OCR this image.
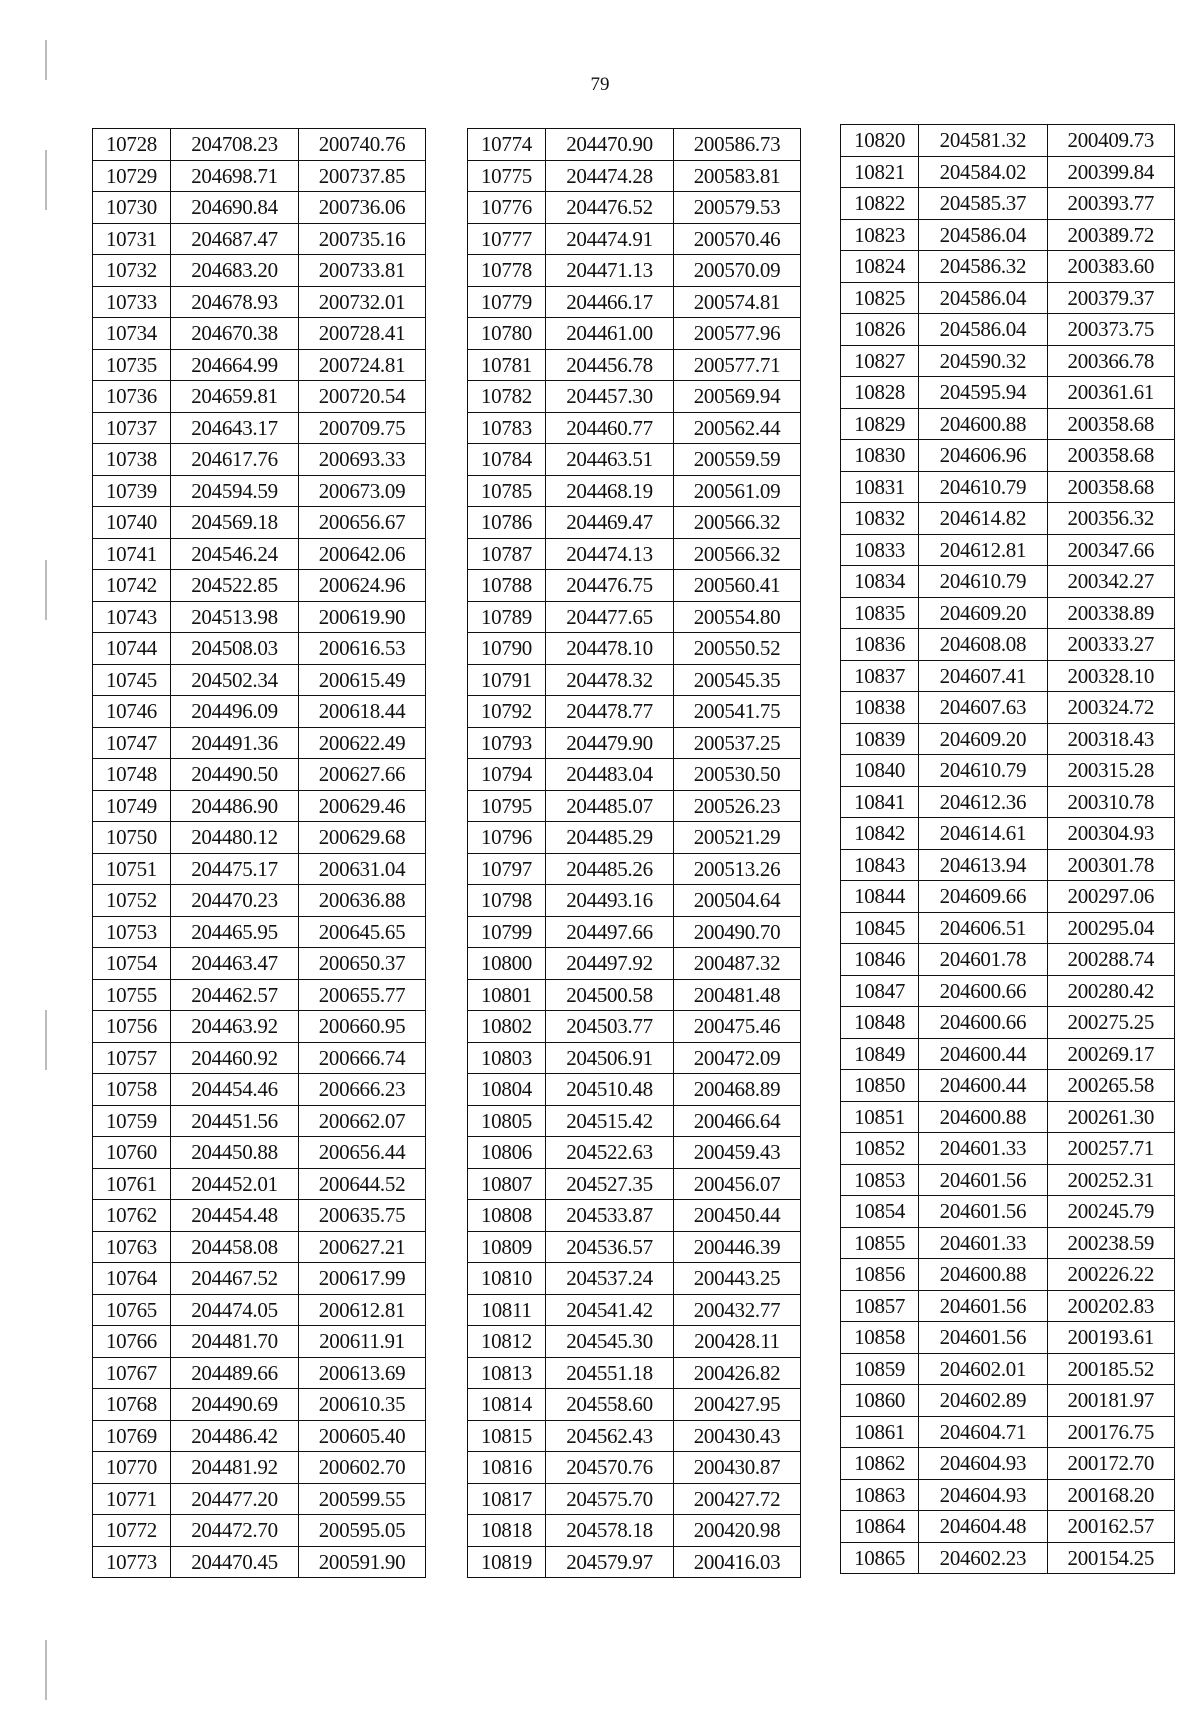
79
10728	204708.23	200740.76
10729	204698.71	200737.85
10730	204690.84	200736.06
10731	204687.47	200735.16
10732	204683.20	200733.81
10733	204678.93	200732.01
10734	204670.38	200728.41
10735	204664.99	200724.81
10736	204659.81	200720.54
10737	204643.17	200709.75
10738	204617.76	200693.33
10739	204594.59	200673.09
10740	204569.18	200656.67
10741	204546.24	200642.06
10742	204522.85	200624.96
10743	204513.98	200619.90
10744	204508.03	200616.53
10745	204502.34	200615.49
10746	204496.09	200618.44
10747	204491.36	200622.49
10748	204490.50	200627.66
10749	204486.90	200629.46
10750	204480.12	200629.68
10751	204475.17	200631.04
10752	204470.23	200636.88
10753	204465.95	200645.65
10754	204463.47	200650.37
10755	204462.57	200655.77
10756	204463.92	200660.95
10757	204460.92	200666.74
10758	204454.46	200666.23
10759	204451.56	200662.07
10760	204450.88	200656.44
10761	204452.01	200644.52
10762	204454.48	200635.75
10763	204458.08	200627.21
10764	204467.52	200617.99
10765	204474.05	200612.81
10766	204481.70	200611.91
10767	204489.66	200613.69
10768	204490.69	200610.35
10769	204486.42	200605.40
10770	204481.92	200602.70
10771	204477.20	200599.55
10772	204472.70	200595.05
10773	204470.45	200591.90
10774	204470.90	200586.73
10775	204474.28	200583.81
10776	204476.52	200579.53
10777	204474.91	200570.46
10778	204471.13	200570.09
10779	204466.17	200574.81
10780	204461.00	200577.96
10781	204456.78	200577.71
10782	204457.30	200569.94
10783	204460.77	200562.44
10784	204463.51	200559.59
10785	204468.19	200561.09
10786	204469.47	200566.32
10787	204474.13	200566.32
10788	204476.75	200560.41
10789	204477.65	200554.80
10790	204478.10	200550.52
10791	204478.32	200545.35
10792	204478.77	200541.75
10793	204479.90	200537.25
10794	204483.04	200530.50
10795	204485.07	200526.23
10796	204485.29	200521.29
10797	204485.26	200513.26
10798	204493.16	200504.64
10799	204497.66	200490.70
10800	204497.92	200487.32
10801	204500.58	200481.48
10802	204503.77	200475.46
10803	204506.91	200472.09
10804	204510.48	200468.89
10805	204515.42	200466.64
10806	204522.63	200459.43
10807	204527.35	200456.07
10808	204533.87	200450.44
10809	204536.57	200446.39
10810	204537.24	200443.25
10811	204541.42	200432.77
10812	204545.30	200428.11
10813	204551.18	200426.82
10814	204558.60	200427.95
10815	204562.43	200430.43
10816	204570.76	200430.87
10817	204575.70	200427.72
10818	204578.18	200420.98
10819	204579.97	200416.03
10820	204581.32	200409.73
10821	204584.02	200399.84
10822	204585.37	200393.77
10823	204586.04	200389.72
10824	204586.32	200383.60
10825	204586.04	200379.37
10826	204586.04	200373.75
10827	204590.32	200366.78
10828	204595.94	200361.61
10829	204600.88	200358.68
10830	204606.96	200358.68
10831	204610.79	200358.68
10832	204614.82	200356.32
10833	204612.81	200347.66
10834	204610.79	200342.27
10835	204609.20	200338.89
10836	204608.08	200333.27
10837	204607.41	200328.10
10838	204607.63	200324.72
10839	204609.20	200318.43
10840	204610.79	200315.28
10841	204612.36	200310.78
10842	204614.61	200304.93
10843	204613.94	200301.78
10844	204609.66	200297.06
10845	204606.51	200295.04
10846	204601.78	200288.74
10847	204600.66	200280.42
10848	204600.66	200275.25
10849	204600.44	200269.17
10850	204600.44	200265.58
10851	204600.88	200261.30
10852	204601.33	200257.71
10853	204601.56	200252.31
10854	204601.56	200245.79
10855	204601.33	200238.59
10856	204600.88	200226.22
10857	204601.56	200202.83
10858	204601.56	200193.61
10859	204602.01	200185.52
10860	204602.89	200181.97
10861	204604.71	200176.75
10862	204604.93	200172.70
10863	204604.93	200168.20
10864	204604.48	200162.57
10865	204602.23	200154.25
